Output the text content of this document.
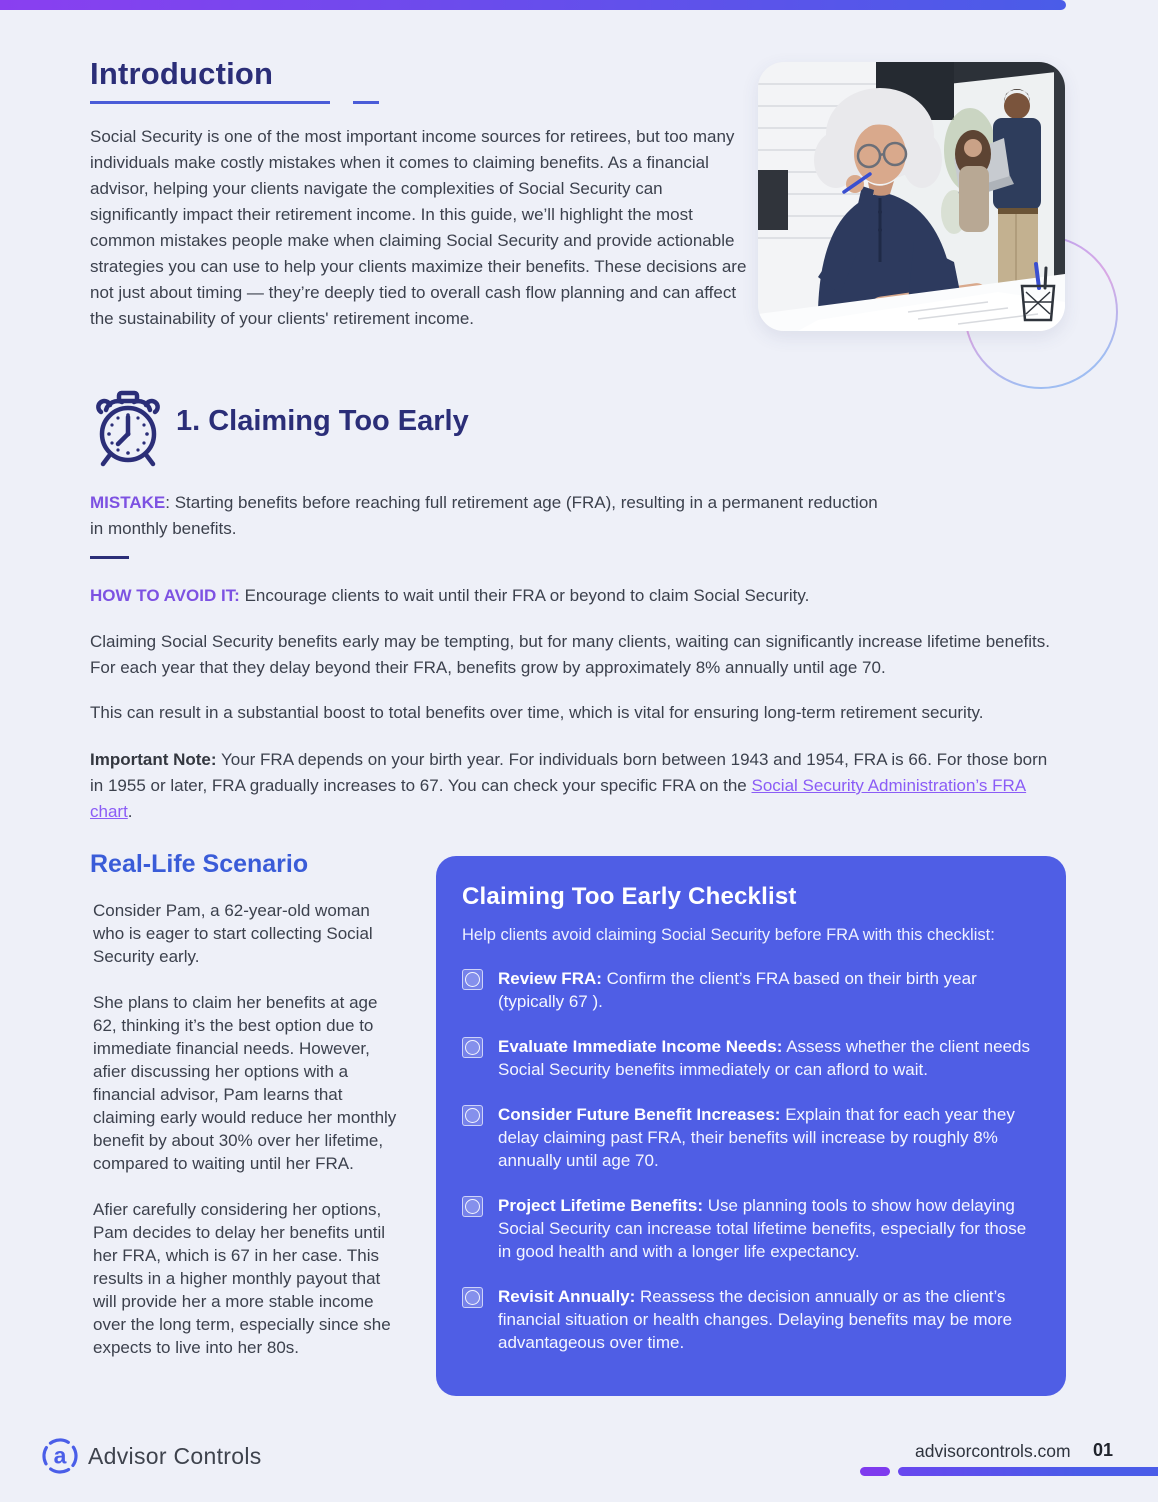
Introduction

Social Security is one of the most important income sources for retirees, but too many individuals make costly mistakes when it comes to claiming benefits. As a financial advisor, helping your clients navigate the complexities of Social Security can significantly impact their retirement income. In this guide, we’ll highlight the most common mistakes people make when claiming Social Security and provide actionable strategies you can use to help your clients maximize their benefits. These decisions are not just about timing — they’re deeply tied to overall cash flow planning and can affect the sustainability of your clients' retirement income.

1. Claiming Too Early

MISTAKE: Starting benefits before reaching full retirement age (FRA), resulting in a permanent reduction in monthly benefits.

HOW TO AVOID IT: Encourage clients to wait until their FRA or beyond to claim Social Security.

Claiming Social Security benefits early may be tempting, but for many clients, waiting can significantly increase lifetime benefits. For each year that they delay beyond their FRA, benefits grow by approximately 8% annually until age 70.

This can result in a substantial boost to total benefits over time, which is vital for ensuring long-term retirement security.

Important Note: Your FRA depends on your birth year. For individuals born between 1943 and 1954, FRA is 66. For those born in 1955 or later, FRA gradually increases to 67. You can check your specific FRA on the Social Security Administration’s FRA chart.

Real-Life Scenario

Consider Pam, a 62-year-old woman who is eager to start collecting Social Security early.

She plans to claim her benefits at age 62, thinking it’s the best option due to immediate financial needs. However, afier discussing her options with a financial advisor, Pam learns that claiming early would reduce her monthly benefit by about 30% over her lifetime, compared to waiting until her FRA.

Afier carefully considering her options, Pam decides to delay her benefits until her FRA, which is 67 in her case. This results in a higher monthly payout that will provide her a more stable income over the long term, especially since she expects to live into her 80s.

Claiming Too Early Checklist

Help clients avoid claiming Social Security before FRA with this checklist:

Review FRA: Confirm the client’s FRA based on their birth year (typically 67 ).

Evaluate Immediate Income Needs: Assess whether the client needs Social Security benefits immediately or can aflord to wait.

Consider Future Benefit Increases: Explain that for each year they delay claiming past FRA, their benefits will increase by roughly 8% annually until age 70.

Project Lifetime Benefits: Use planning tools to show how delaying Social Security can increase total lifetime benefits, especially for those in good health and with a longer life expectancy.

Revisit Annually: Reassess the decision annually or as the client’s financial situation or health changes. Delaying benefits may be more advantageous over time.

a Advisor Controls	advisorcontrols.com 01
